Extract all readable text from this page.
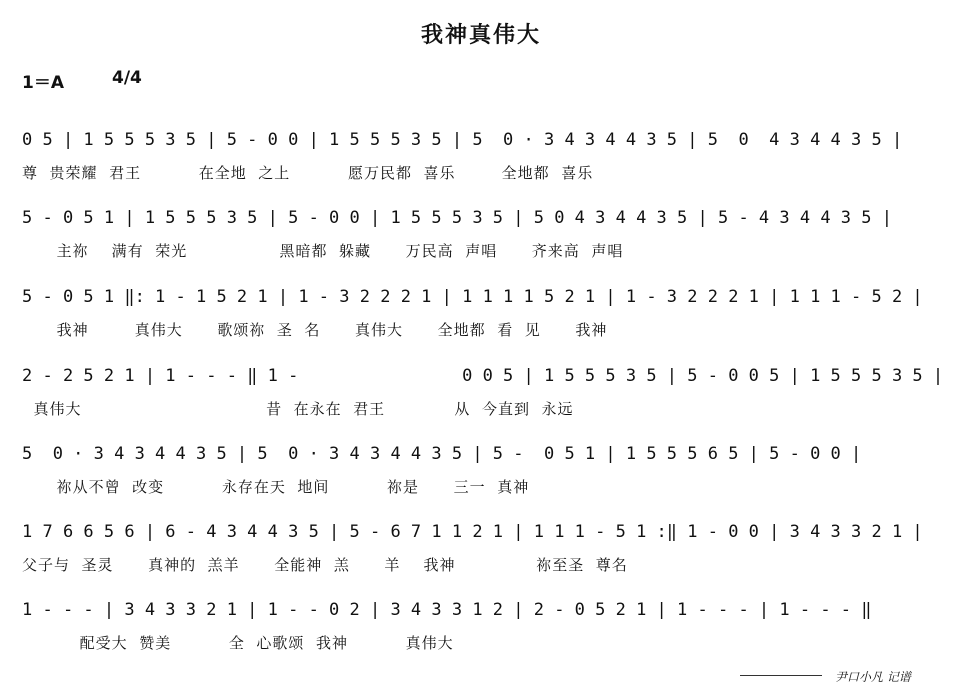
我神真伟大
1＝A	4/4
0 5 | 1 5 5 5 3 5 | 5 - 0 0 | 1 5 5 5 3 5 | 5  0 · 3 4 3 4 4 3 5 | 5  0  4 3 4 4 3 5 |
尊  贵荣耀  君王          在全地  之上          愿万民都  喜乐        全地都  喜乐
5 - 0 5 1 | 1 5 5 5 3 5 | 5 - 0 0 | 1 5 5 5 3 5 | 5 0 4 3 4 4 3 5 | 5 - 4 3 4 4 3 5 |
主祢    满有  荣光                黑暗都  躲藏      万民高  声唱      齐来高  声唱
5 - 0 5 1 ‖: 1 - 1 5 2 1 | 1 - 3 2 2 2 1 | 1 1 1 1 5 2 1 | 1 - 3 2 2 2 1 | 1 1 1 - 5 2 |
我神        真伟大      歌颂祢  圣  名      真伟大      全地都  看  见      我神
2 - 2 5 2 1 | 1 - - - ‖ 1 -                0 0 5 | 1 5 5 5 3 5 | 5 - 0 0 5 | 1 5 5 5 3 5 |
真伟大                                昔  在永在  君王            从  今直到  永远
5  0 · 3 4 3 4 4 3 5 | 5  0 · 3 4 3 4 4 3 5 | 5 -  0 5 1 | 1 5 5 5 6 5 | 5 - 0 0 |
祢从不曾  改变          永存在天  地间          祢是      三一  真神
1 7 6 6 5 6 | 6 - 4 3 4 4 3 5 | 5 - 6 7 1 1 2 1 | 1 1 1 - 5 1 :‖ 1 - 0 0 | 3 4 3 3 2 1 |
父子与  圣灵      真神的  羔羊      全能神  羔      羊    我神              祢至圣  尊名
1 - - - | 3 4 3 3 2 1 | 1 - - 0 2 | 3 4 3 3 1 2 | 2 - 0 5 2 1 | 1 - - - | 1 - - - ‖
配受大  赞美          全  心歌颂  我神          真伟大
尹口小凡 记谱
